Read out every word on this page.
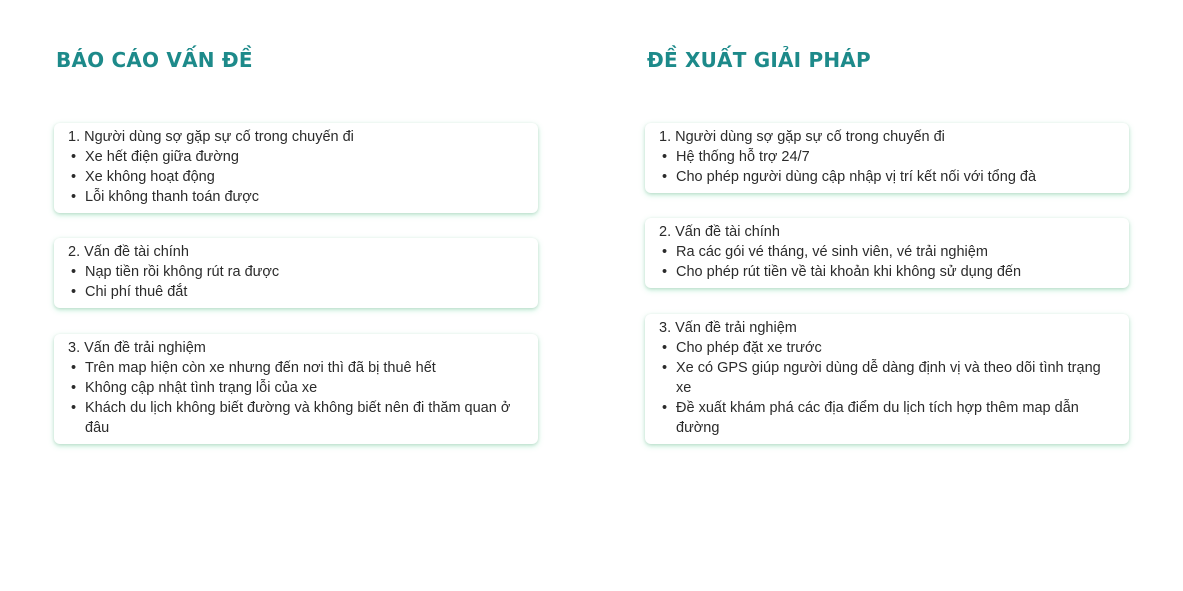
BÁO CÁO VẤN ĐỀ

1. Người dùng sợ gặp sự cố trong chuyến đi

• Xe hết điện giữa đường
• Xe không hoạt động
• Lỗi không thanh toán được

2. Vấn đề tài chính

• Nạp tiền rồi không rút ra được
• Chi phí thuê đắt

3. Vấn đề trải nghiệm

• Trên map hiện còn xe nhưng đến nơi thì đã bị thuê hết
• Không cập nhật tình trạng lỗi của xe
• Khách du lịch không biết đường và không biết nên đi thăm quan ở đâu
ĐỀ XUẤT GIẢI PHÁP

1. Người dùng sợ gặp sự cố trong chuyến đi

• Hệ thống hỗ trợ 24/7
• Cho phép người dùng cập nhập vị trí kết nối với tổng đà

2. Vấn đề tài chính

• Ra các gói vé tháng, vé sinh viên, vé trải nghiệm
• Cho phép rút tiền về tài khoản khi không sử dụng đến

3. Vấn đề trải nghiệm

• Cho phép đặt xe trước
• Xe có GPS giúp người dùng dễ dàng định vị và theo dõi tình trạng xe
• Đề xuất khám phá các địa điểm du lịch tích hợp thêm map dẫn đường
